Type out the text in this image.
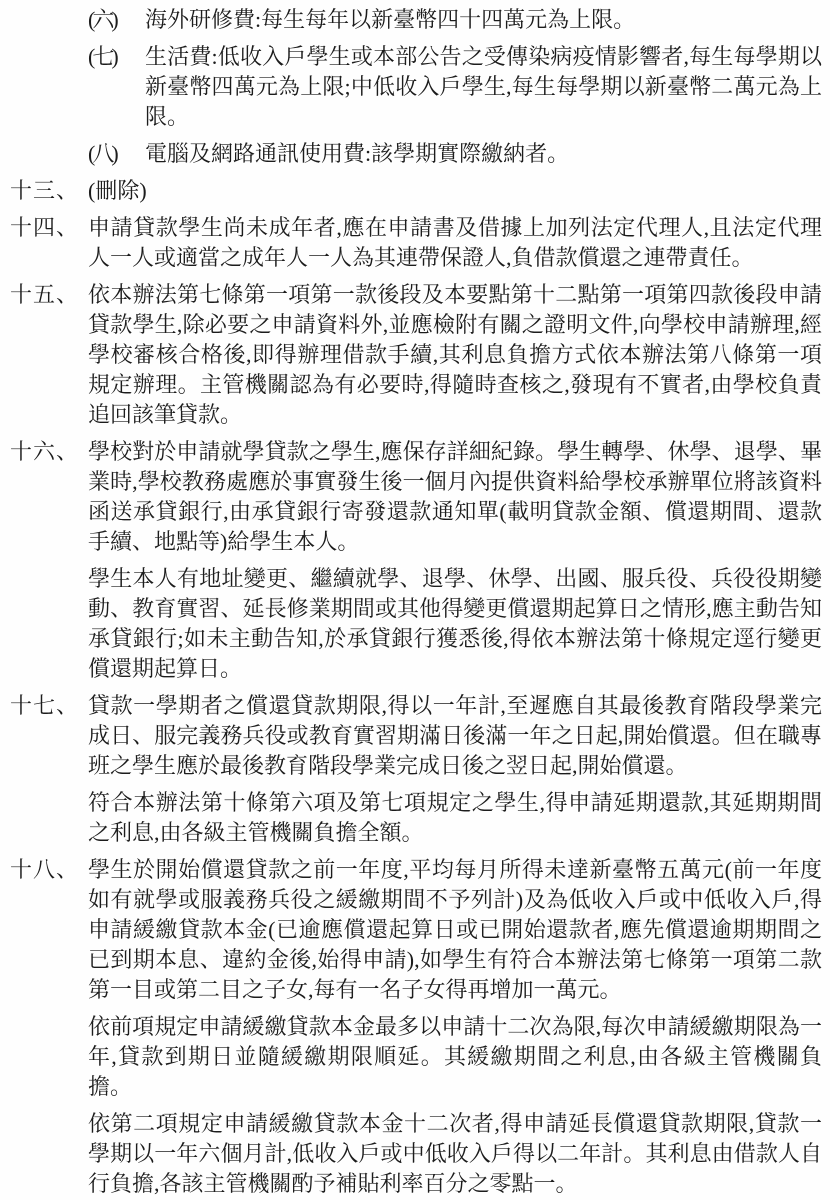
(六)	海外研修費:每生每年以新臺幣四十四萬元為上限。

(七)	生活費:低收入戶學生或本部公告之受傳染病疫情影響者,每生每學期以新臺幣四萬元為上限;中低收入戶學生,每生每學期以新臺幣二萬元為上限。

(八)	電腦及網路通訊使用費:該學期實際繳納者。

十三、 (刪除)

十四、 申請貸款學生尚未成年者,應在申請書及借據上加列法定代理人,且法定代理人一人或適當之成年人一人為其連帶保證人,負借款償還之連帶責任。

十五、 依本辦法第七條第一項第一款後段及本要點第十二點第一項第四款後段申請貸款學生,除必要之申請資料外,並應檢附有關之證明文件,向學校申請辦理,經學校審核合格後,即得辦理借款手續,其利息負擔方式依本辦法第八條第一項規定辦理。主管機關認為有必要時,得隨時查核之,發現有不實者,由學校負責追回該筆貸款。

十六、 學校對於申請就學貸款之學生,應保存詳細紀錄。學生轉學、休學、退學、畢業時,學校教務處應於事實發生後一個月內提供資料給學校承辦單位將該資料函送承貸銀行,由承貸銀行寄發還款通知單(載明貸款金額、償還期間、還款手續、地點等)給學生本人。

學生本人有地址變更、繼續就學、退學、休學、出國、服兵役、兵役役期變動、教育實習、延長修業期間或其他得變更償還期起算日之情形,應主動告知承貸銀行;如未主動告知,於承貸銀行獲悉後,得依本辦法第十條規定逕行變更償還期起算日。

十七、 貸款一學期者之償還貸款期限,得以一年計,至遲應自其最後教育階段學業完成日、服完義務兵役或教育實習期滿日後滿一年之日起,開始償還。但在職專班之學生應於最後教育階段學業完成日後之翌日起,開始償還。

符合本辦法第十條第六項及第七項規定之學生,得申請延期還款,其延期期間之利息,由各級主管機關負擔全額。

十八、 學生於開始償還貸款之前一年度,平均每月所得未達新臺幣五萬元(前一年度如有就學或服義務兵役之緩繳期間不予列計)及為低收入戶或中低收入戶,得申請緩繳貸款本金(已逾應償還起算日或已開始還款者,應先償還逾期期間之已到期本息、違約金後,始得申請),如學生有符合本辦法第七條第一項第二款第一目或第二目之子女,每有一名子女得再增加一萬元。

依前項規定申請緩繳貸款本金最多以申請十二次為限,每次申請緩繳期限為一年,貸款到期日並隨緩繳期限順延。其緩繳期間之利息,由各級主管機關負擔。

依第二項規定申請緩繳貸款本金十二次者,得申請延長償還貸款期限,貸款一學期以一年六個月計,低收入戶或中低收入戶得以二年計。其利息由借款人自行負擔,各該主管機關酌予補貼利率百分之零點一。
